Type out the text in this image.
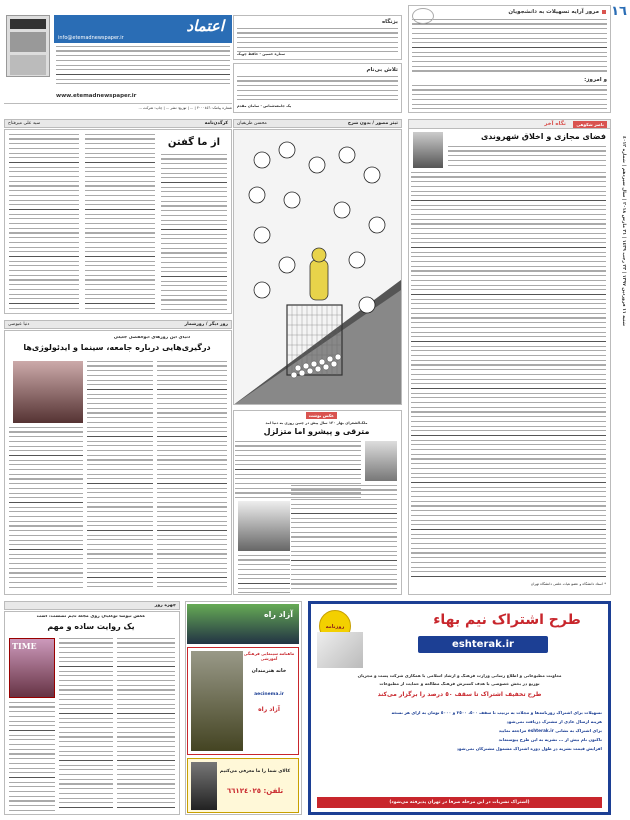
١٦
شنبه ١١ فروردین ١٣٩٧ | ٢٣ رجب ١٤٣٩ | ٣١ مارس ٢٠١٨ | سال سیزدهم | شماره ٤٠١٢
مرور آرایه تسهیلات به دانشجویان
و امروز:
بزنگاه
ستاره حسین - حافظ چوبک
تلاش بی‌نام
یک جامعه‌شناس - سامان مقدم
اعتماد
info@etemadnewspaper.ir
www.etemadnewspaper.ir
شماره پیامک: ٣٠٠٠٤٥٦ | ... | توزیع: نشر ... | چاپ: شرکت ...
ناصر شکوهی
نگاه آخر
فضای مجازی و اخلاق شهروندی
* استاد دانشگاه و عضو هیات علمی دانشگاه تهران
تیتر مصور / بدون شرح
محسن ظریفیان
عکس نوشت
ملک‌الشعرای بهار ١٣٠ سال پیش در چنین روزی به دنیا آمد
مترقی و پیشرو اما متزلزل
کرگدن‌نامه
سید علی میرفتاح
از ما گفتن
روز دیگر / روزشمار
دنیا عبوضی
دنیای این روزهای ابوالفضل جلیلی
درگیری‌هایی درباره جامعه، سینما و ایدئولوژی‌ها
طرح اشتراک نیم بهاء
روزنامه
eshterak.ir
معاونت مطبوعاتی و اطلاع رسانی وزارت فرهنگ و ارشاد اسلامی با همکاری شرکت پست و مجریان
توزیع در بخش خصوصی با هدف گسترش فرهنگ مطالعه و حمایت از مطبوعات
طرح تخفیف اشتراک تا سقف ٥٠ درصد را برگزار می‌کند
تسهیلات برای اشتراک روزنامه‌ها و مجلات به ترتیب تا سقف ٥٠٠، ٢٥٠٠ و ٥٠٠٠ تومان به ازای هر نسخه
هزینه ارسال عادی از مشترک دریافت نمی‌شود
برای اشتراک به نشانی eshterak.ir مراجعه نمایید
تاکنون نام بیش از ... نشریه به این طرح پیوسته‌اند
افزایش قیمت نشریه در طول دوره اشتراک مشمول مشترکان نمی‌شود
(اشتراک نشریات در این مرحله صرفا در تهران پذیرفته می‌شود)
آزاد راه
ماهنامه سینمایی فرهنگی آموزشی
خانه هنرمندان
aecinema.ir
آزاد راه
کالای شما را ما معرفی می‌کنیم
تلفن: ٦٦١٢٤٠٢٥
چهره روز
عکس نیوشا توکلیان روی مجله تایم نشست؛ است
یک روایت ساده و مهم
TIME
